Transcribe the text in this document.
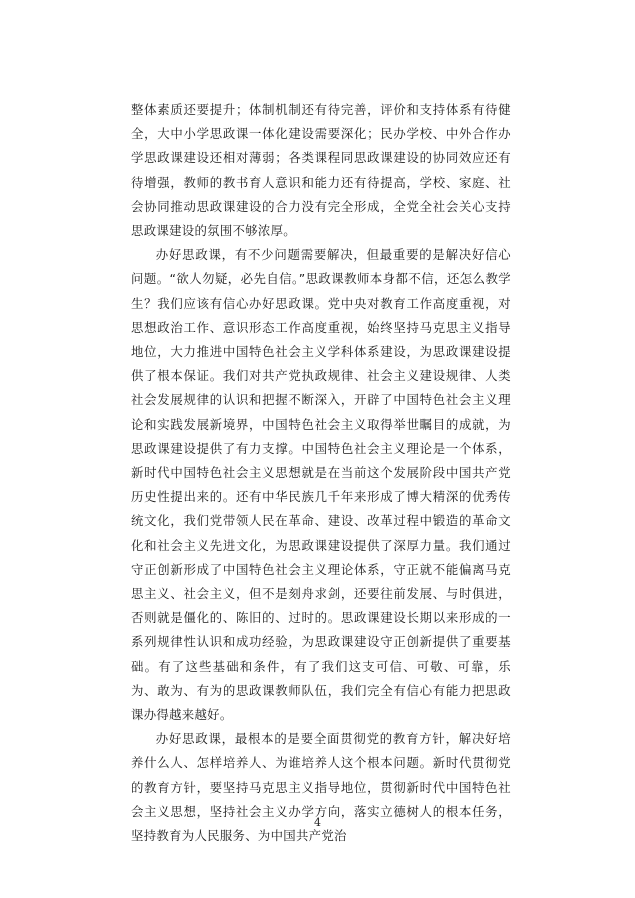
整体素质还要提升；体制机制还有待完善，评价和支持体系有待健全，大中小学思政课一体化建设需要深化；民办学校、中外合作办学思政课建设还相对薄弱；各类课程同思政课建设的协同效应还有待增强，教师的教书育人意识和能力还有待提高，学校、家庭、社会协同推动思政课建设的合力没有完全形成，全党全社会关心支持思政课建设的氛围不够浓厚。

办好思政课，有不少问题需要解决，但最重要的是解决好信心问题。“欲人勿疑，必先自信。”思政课教师本身都不信，还怎么教学生？我们应该有信心办好思政课。党中央对教育工作高度重视，对思想政治工作、意识形态工作高度重视，始终坚持马克思主义指导地位，大力推进中国特色社会主义学科体系建设，为思政课建设提供了根本保证。我们对共产党执政规律、社会主义建设规律、人类社会发展规律的认识和把握不断深入，开辟了中国特色社会主义理论和实践发展新境界，中国特色社会主义取得举世瞩目的成就，为思政课建设提供了有力支撑。中国特色社会主义理论是一个体系，新时代中国特色社会主义思想就是在当前这个发展阶段中国共产党历史性提出来的。还有中华民族几千年来形成了博大精深的优秀传统文化，我们党带领人民在革命、建设、改革过程中锻造的革命文化和社会主义先进文化，为思政课建设提供了深厚力量。我们通过守正创新形成了中国特色社会主义理论体系，守正就不能偏离马克思主义、社会主义，但不是刻舟求剑，还要往前发展、与时俱进，否则就是僵化的、陈旧的、过时的。思政课建设长期以来形成的一系列规律性认识和成功经验，为思政课建设守正创新提供了重要基础。有了这些基础和条件，有了我们这支可信、可敬、可靠，乐为、敢为、有为的思政课教师队伍，我们完全有信心有能力把思政课办得越来越好。

办好思政课，最根本的是要全面贯彻党的教育方针，解决好培养什么人、怎样培养人、为谁培养人这个根本问题。新时代贯彻党的教育方针，要坚持马克思主义指导地位，贯彻新时代中国特色社会主义思想，坚持社会主义办学方向，落实立德树人的根本任务，坚持教育为人民服务、为中国共产党治

4
